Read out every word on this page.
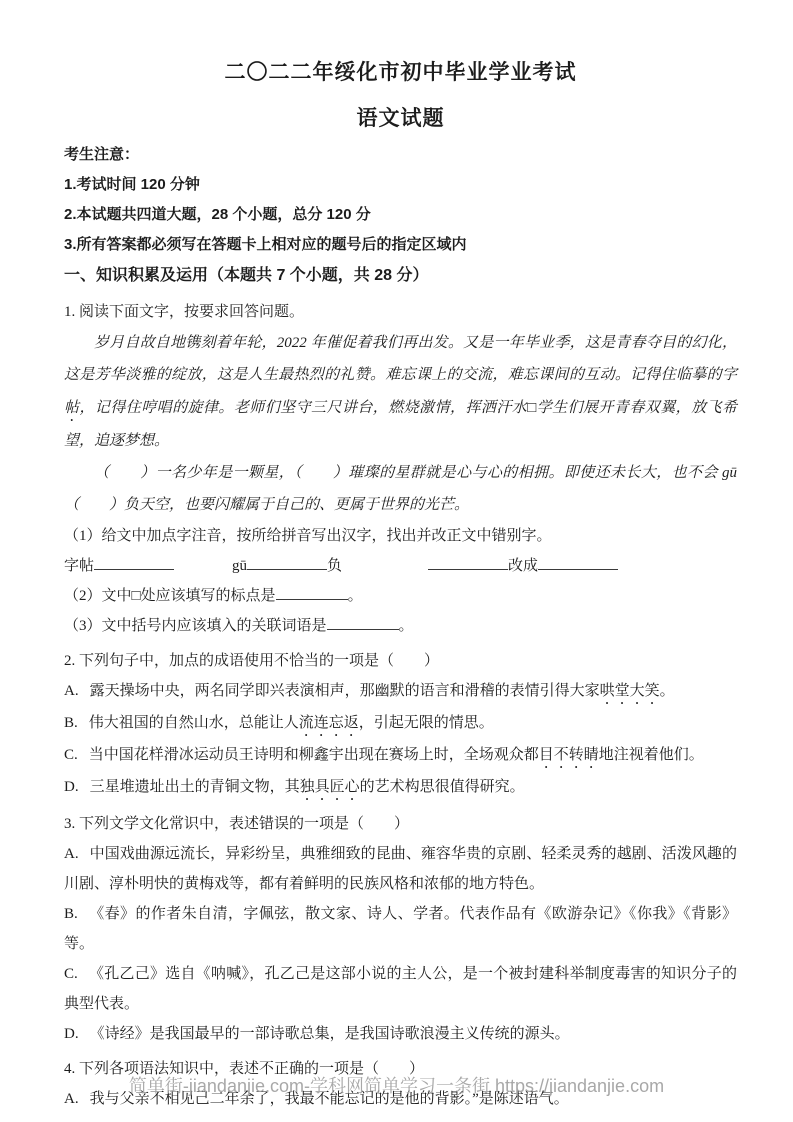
二〇二二年绥化市初中毕业学业考试
语文试题

考生注意：

1.考试时间 120 分钟

2.本试题共四道大题，28 个小题，总分 120 分

3.所有答案都必须写在答题卡上相对应的题号后的指定区域内

一、知识积累及运用（本题共 7 个小题，共 28 分）

1. 阅读下面文字，按要求回答问题。

岁月自故自地镌刻着年轮，2022 年催促着我们再出发。又是一年毕业季，这是青春夺目的幻化，这是芳华淡雅的绽放，这是人生最热烈的礼赞。难忘课上的交流，难忘课间的互动。记得住临摹的字帖，记得住哼唱的旋律。老师们坚守三尺讲台，燃烧激情，挥洒汗水□学生们展开青春双翼，放飞希望，追逐梦想。

（　　）一名少年是一颗星，（　　）璀璨的星群就是心与心的相拥。即使还未长大，也不会 gū（　　）负天空，也要闪耀属于自己的、更属于世界的光芒。

（1）给文中加点字注音，按所给拼音写出汉字，找出并改正文中错别字。

字帖	gū	负	改成

（2）文中□处应该填写的标点是	。

（3）文中括号内应该填入的关联词语是	。

2. 下列句子中，加点的成语使用不恰当的一项是（　　）

A. 露天操场中央，两名同学即兴表演相声，那幽默的语言和滑稽的表情引得大家哄堂大笑。

B. 伟大祖国的自然山水，总能让人流连忘返，引起无限的情思。

C. 当中国花样滑冰运动员王诗明和柳鑫宇出现在赛场上时，全场观众都目不转睛地注视着他们。

D. 三星堆遗址出土的青铜文物，其独具匠心的艺术构思很值得研究。

3. 下列文学文化常识中，表述错误的一项是（　　）

A. 中国戏曲源远流长，异彩纷呈，典雅细致的昆曲、雍容华贵的京剧、轻柔灵秀的越剧、活泼风趣的川剧、淳朴明快的黄梅戏等，都有着鲜明的民族风格和浓郁的地方特色。

B. 《春》的作者朱自清，字佩弦，散文家、诗人、学者。代表作品有《欧游杂记》《你我》《背影》等。

C. 《孔乙己》选自《呐喊》，孔乙己是这部小说的主人公，是一个被封建科举制度毒害的知识分子的典型代表。

D. 《诗经》是我国最早的一部诗歌总集，是我国诗歌浪漫主义传统的源头。

4. 下列各项语法知识中，表述不正确的一项是（　　）

A. 我与父亲不相见己二年余了，我最不能忘记的是他的背影。”是陈述语气。

简单街-jiandanjie.com-学科网简单学习一条街 https://jiandanjie.com
